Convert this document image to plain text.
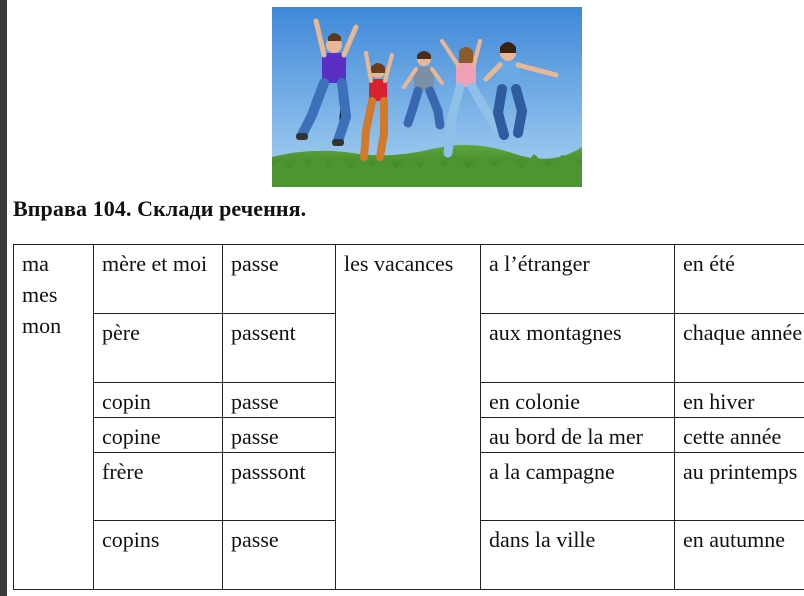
Вправа 104. Склади речення.
ma
mes
mon	mère et moi	passe	les vacances	a l’étranger	en été
	père	passent		aux montagnes	chaque année
	copin	passe		en colonie	en hiver
	copine	passe		au bord de la mer	cette année
	frère	passsont		a la campagne	au printemps
	copins	passe		dans la ville	en autumne
